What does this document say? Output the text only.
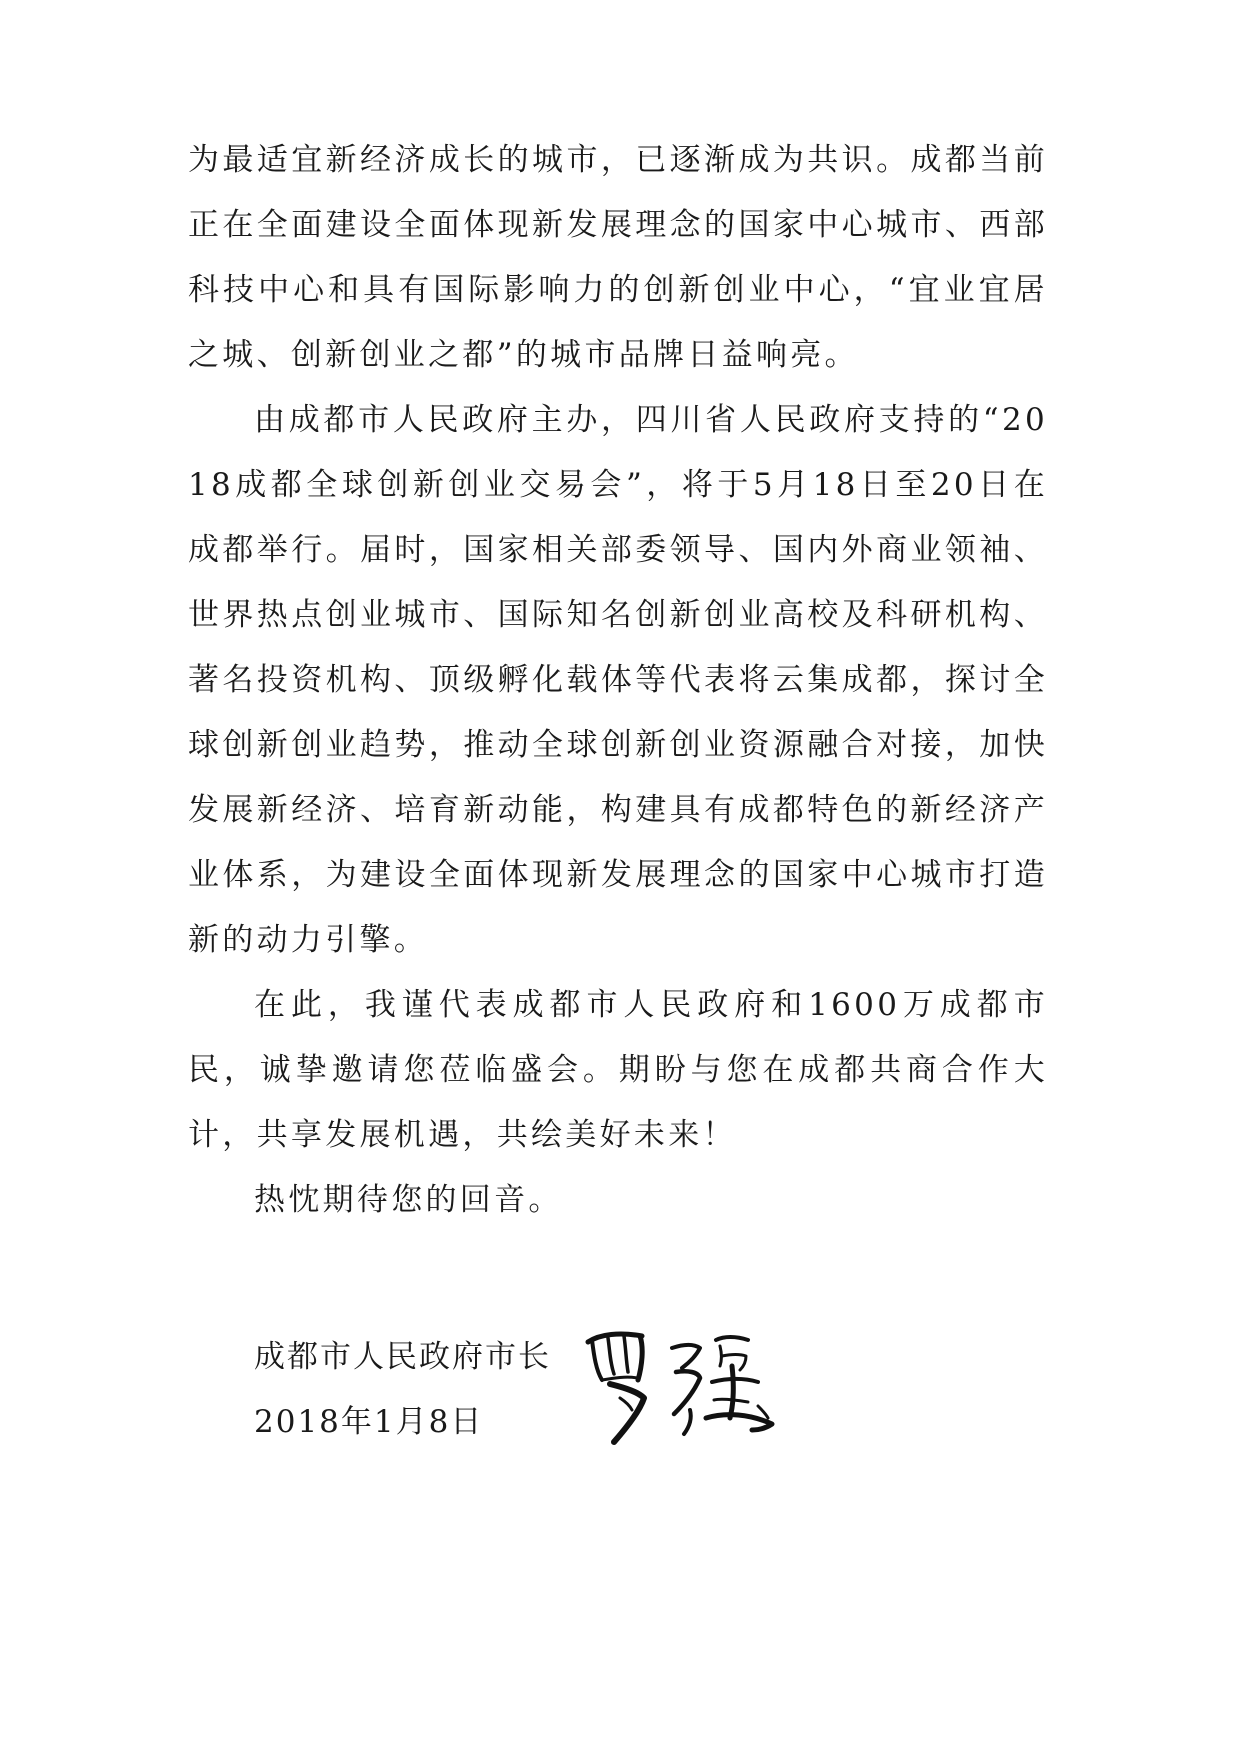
为最适宜新经济成长的城市，已逐渐成为共识。成都当前正在全面建设全面体现新发展理念的国家中心城市、西部科技中心和具有国际影响力的创新创业中心，“宜业宜居之城、创新创业之都”的城市品牌日益响亮。

由成都市人民政府主办，四川省人民政府支持的“2018成都全球创新创业交易会”，将于5月18日至20日在成都举行。届时，国家相关部委领导、国内外商业领袖、世界热点创业城市、国际知名创新创业高校及科研机构、著名投资机构、顶级孵化载体等代表将云集成都，探讨全球创新创业趋势，推动全球创新创业资源融合对接，加快发展新经济、培育新动能，构建具有成都特色的新经济产业体系，为建设全面体现新发展理念的国家中心城市打造新的动力引擎。

在此，我谨代表成都市人民政府和1600万成都市民，诚挚邀请您莅临盛会。期盼与您在成都共商合作大计，共享发展机遇，共绘美好未来！

热忱期待您的回音。

成都市人民政府市长

2018年1月8日
